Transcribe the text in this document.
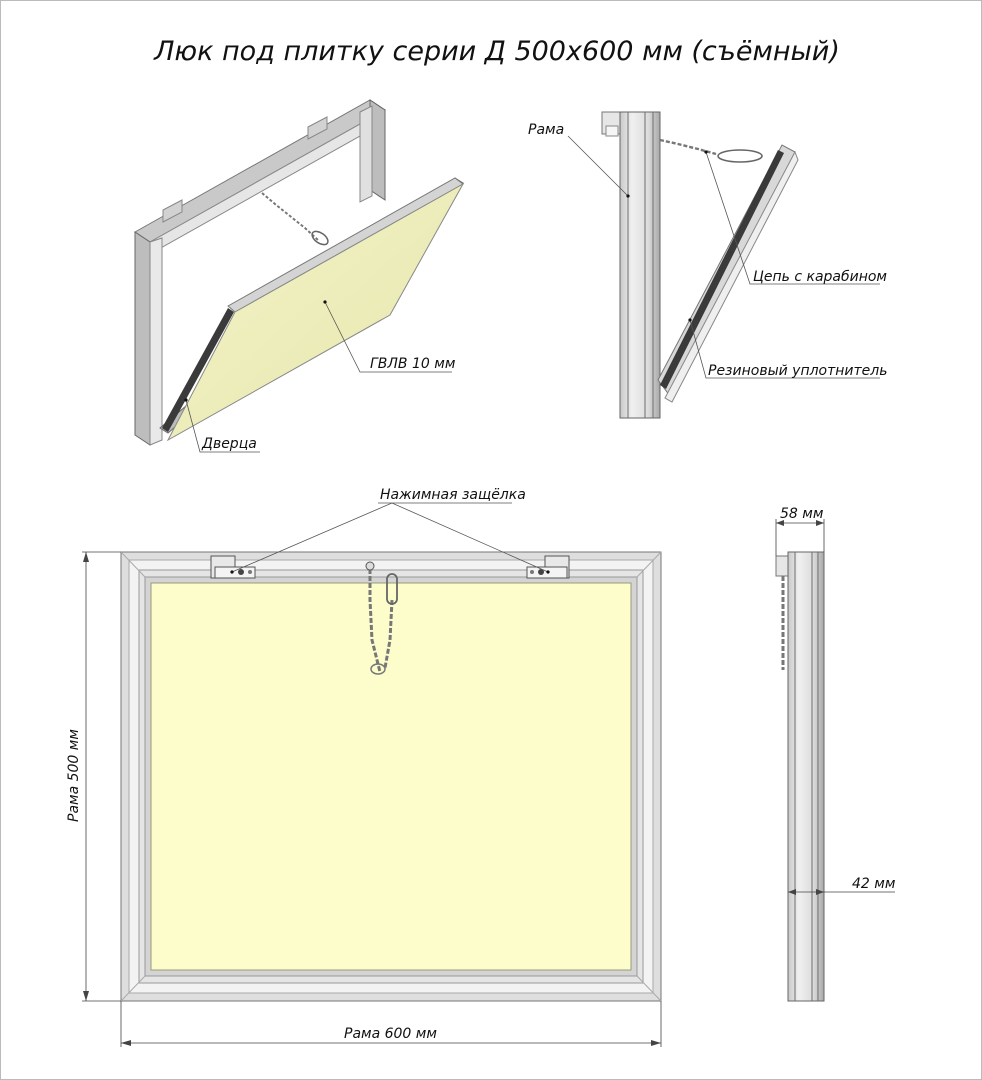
Люк под плитку серии Д 500х600 мм (съёмный)
ГВЛВ 10 мм
Дверца
Рама
Цепь с карабином
Резиновый уплотнитель
Нажимная защёлка
Рама 500 мм
Рама 600 мм
58 мм
42 мм
